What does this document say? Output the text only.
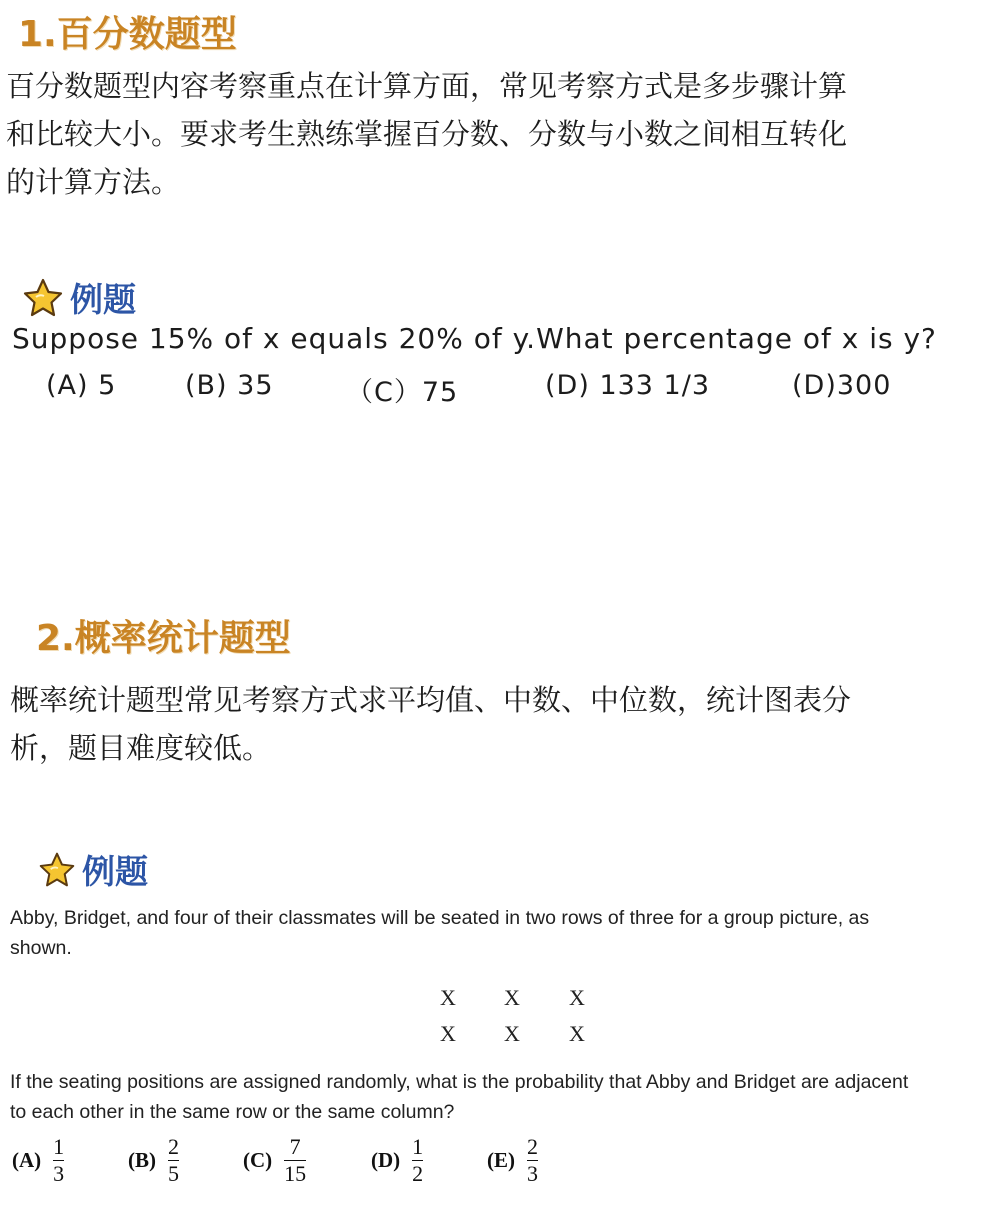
1.百分数题型
百分数题型内容考察重点在计算方面，常见考察方式是多步骤计算
和比较大小。要求考生熟练掌握百分数、分数与小数之间相互转化
的计算方法。
例题
Suppose 15% of x equals 20% of y.What percentage of x is y?
(A) 5	(B) 35	（C）75	(D) 133 1/3	(D)300
2.概率统计题型
概率统计题型常见考察方式求平均值、中数、中位数，统计图表分
析，题目难度较低。
例题
Abby, Bridget, and four of their classmates will be seated in two rows of three for a group picture, as
shown.
X X X
X X X
If the seating positions are assigned randomly, what is the probability that Abby and Bridget are adjacent
to each other in the same row or the same column?
$(A) \frac{1}{3}$	$(B) \frac{2}{5}$	$(C) \frac{7}{15}$	$(D) \frac{1}{2}$	$(E) \frac{2}{3}$
